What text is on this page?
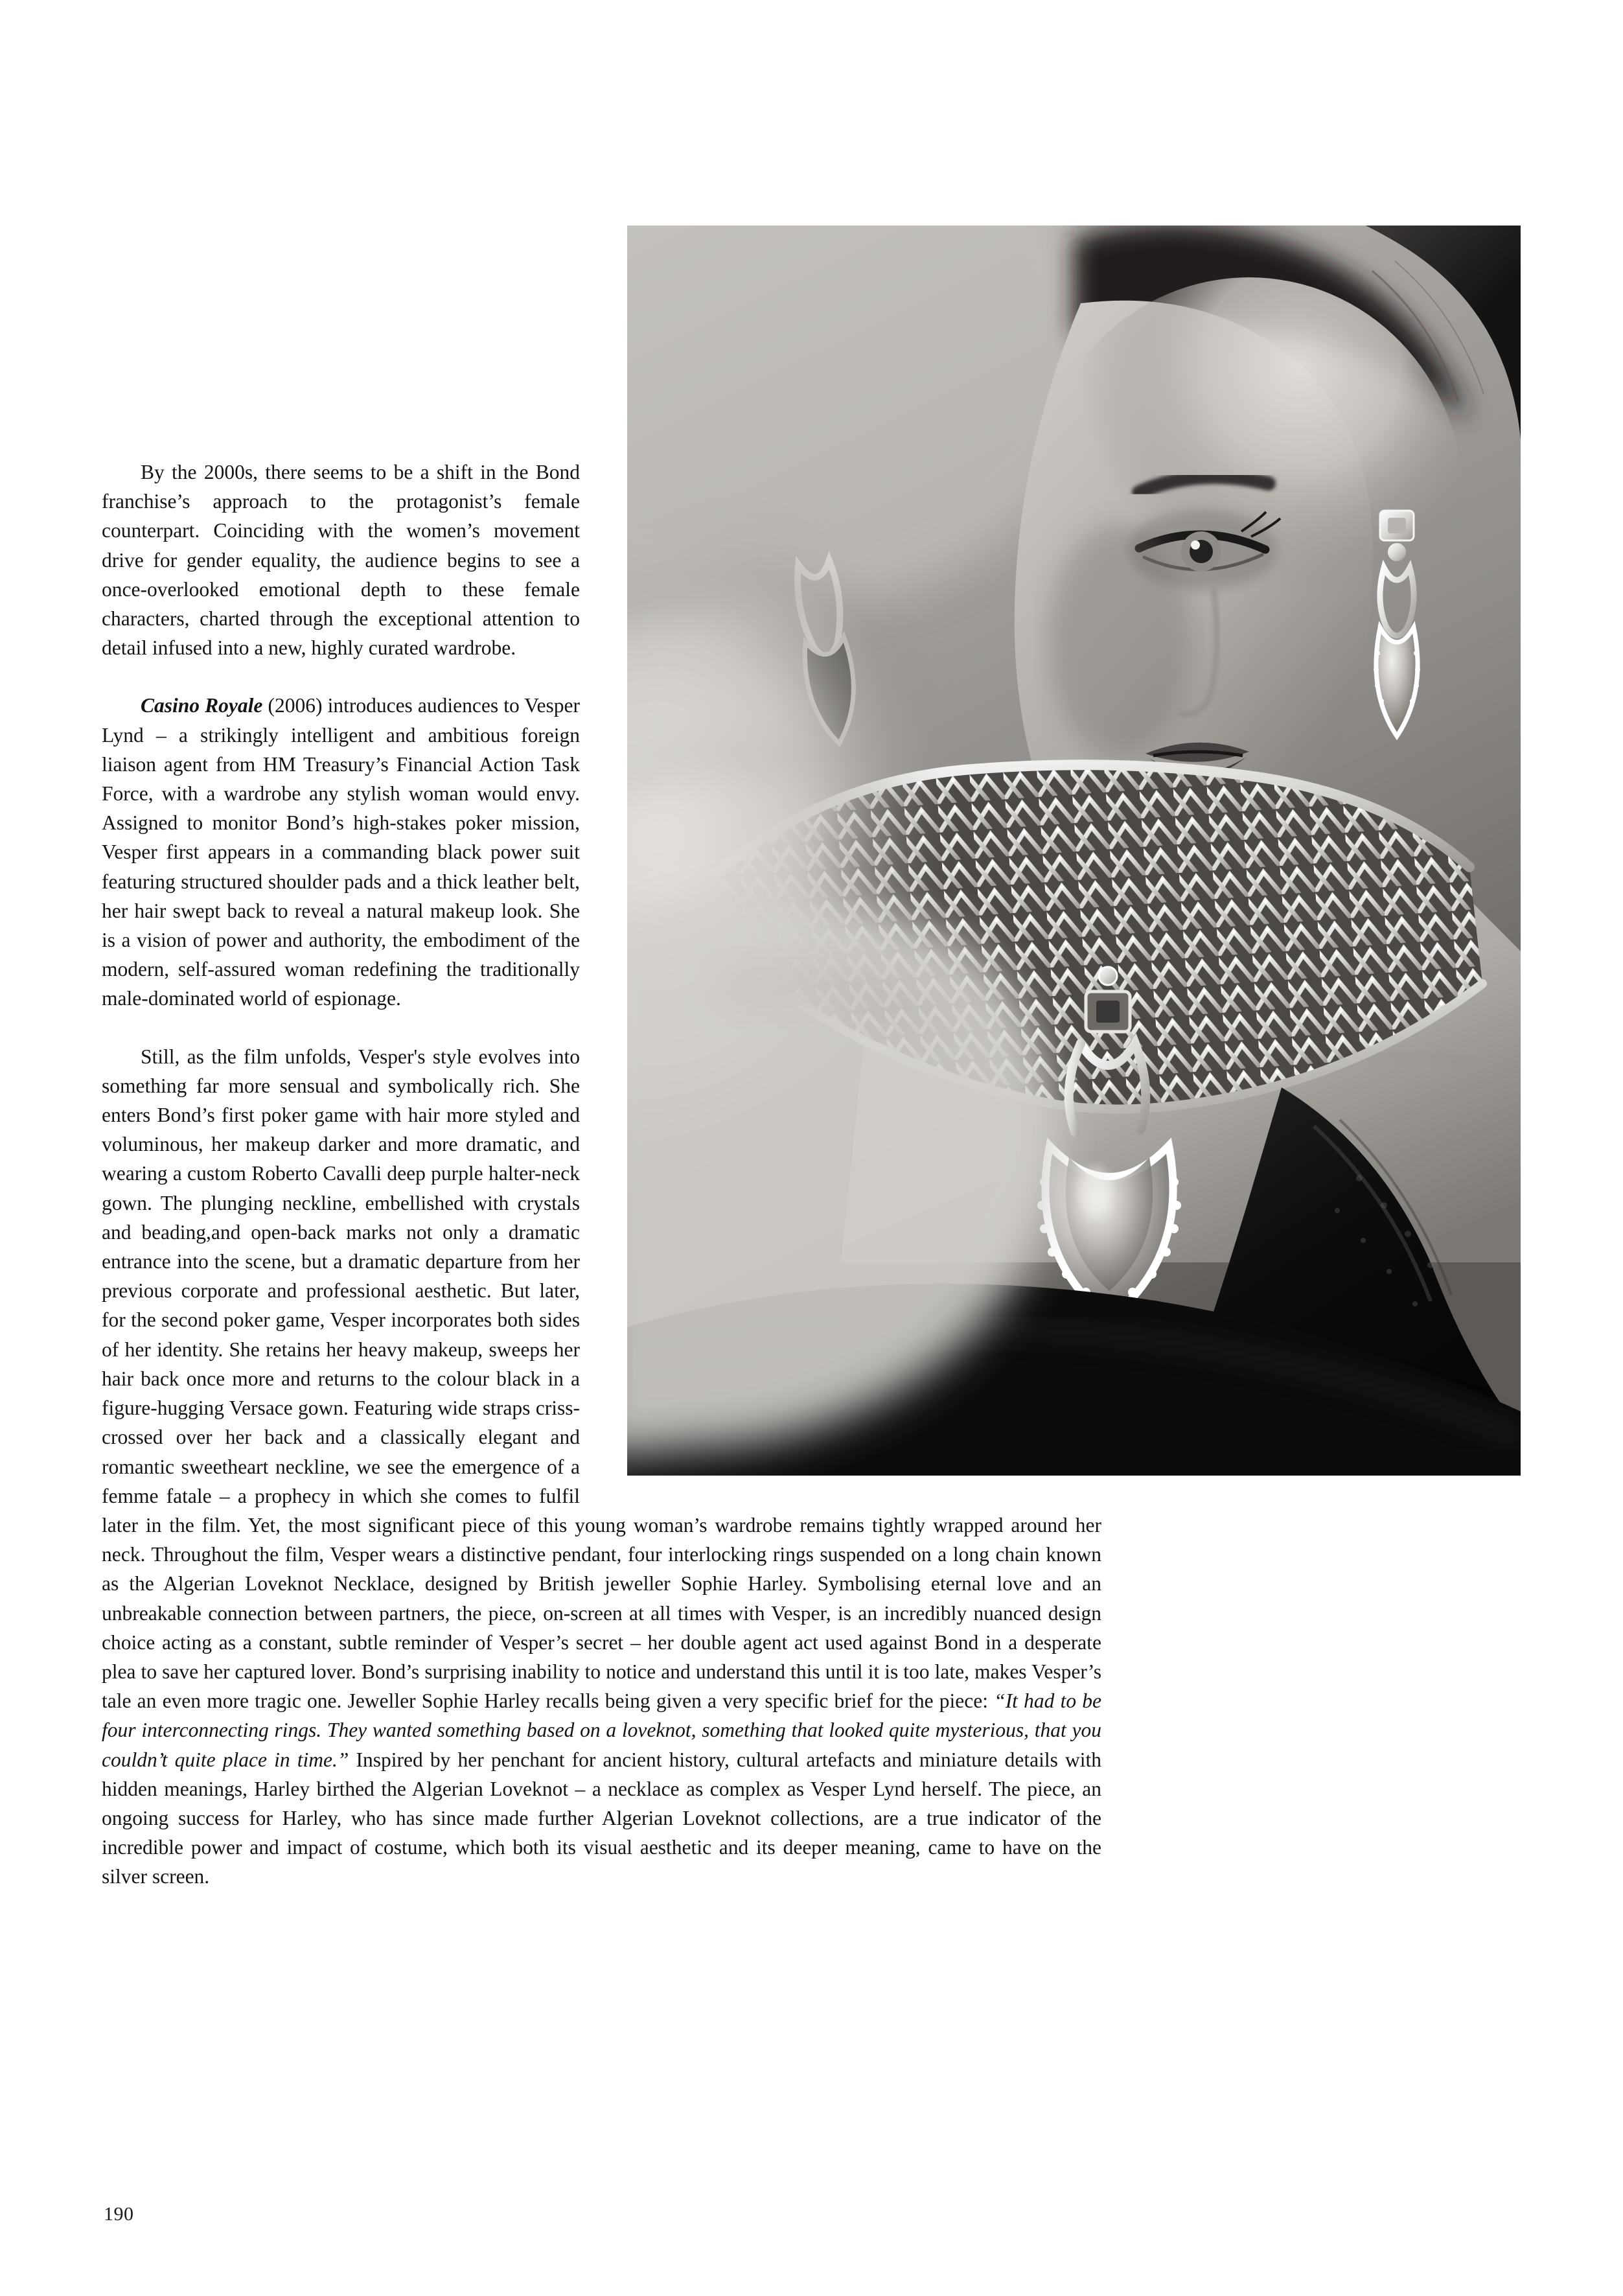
By the 2000s, there seems to be a shift in the Bond franchise’s approach to the protagonist’s female counterpart. Coinciding with the women’s movement drive for gender equality, the audience begins to see a once-overlooked emotional depth to these female characters, charted through the exceptional attention to detail infused into a new, highly curated wardrobe.

Casino Royale (2006) introduces audiences to Vesper Lynd – a strikingly intelligent and ambitious foreign liaison agent from HM Treasury’s Financial Action Task Force, with a wardrobe any stylish woman would envy. Assigned to monitor Bond’s high-stakes poker mission, Vesper first appears in a commanding black power suit featuring structured shoulder pads and a thick leather belt, her hair swept back to reveal a natural makeup look. She is a vision of power and authority, the embodiment of the modern, self-assured woman redefining the traditionally male-dominated world of espionage.

Still, as the film unfolds, Vesper's style evolves into something far more sensual and symbolically rich. She enters Bond’s first poker game with hair more styled and voluminous, her makeup darker and more dramatic, and wearing a custom Roberto Cavalli deep purple halter-neck gown. The plunging neckline, embellished with crystals and beading,and open-back marks not only a dramatic entrance into the scene, but a dramatic departure from her previous corporate and professional aesthetic. But later, for the second poker game, Vesper incorporates both sides of her identity. She retains her heavy makeup, sweeps her hair back once more and returns to the colour black in a figure-hugging Versace gown. Featuring wide straps criss-crossed over her back and a classically elegant and romantic sweetheart neckline, we see the emergence of a femme fatale – a prophecy in which she comes to fulfil later in the film. Yet, the most significant piece of this young woman’s wardrobe remains tightly wrapped around her neck. Throughout the film, Vesper wears a distinctive pendant, four interlocking rings suspended on a long chain known as the Algerian Loveknot Necklace, designed by British jeweller Sophie Harley. Symbolising eternal love and an unbreakable connection between partners, the piece, on-screen at all times with Vesper, is an incredibly nuanced design choice acting as a constant, subtle reminder of Vesper’s secret – her double agent act used against Bond in a desperate plea to save her captured lover. Bond’s surprising inability to notice and understand this until it is too late, makes Vesper’s tale an even more tragic one. Jeweller Sophie Harley recalls being given a very specific brief for the piece: “It had to be four interconnecting rings. They wanted something based on a loveknot, something that looked quite mysterious, that you couldn’t quite place in time.” Inspired by her penchant for ancient history, cultural artefacts and miniature details with hidden meanings, Harley birthed the Algerian Loveknot – a necklace as complex as Vesper Lynd herself. The piece, an ongoing success for Harley, who has since made further Algerian Loveknot collections, are a true indicator of the incredible power and impact of costume, which both its visual aesthetic and its deeper meaning, came to have on the silver screen.

190
